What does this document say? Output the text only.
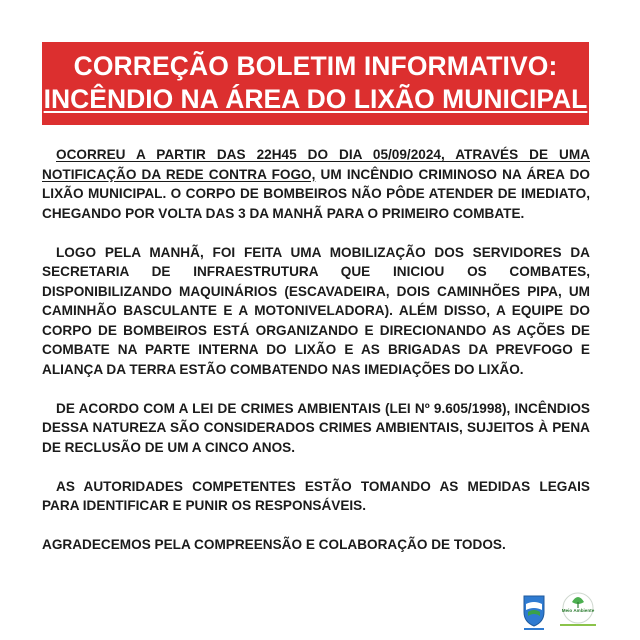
CORREÇÃO BOLETIM INFORMATIVO:
INCÊNDIO NA ÁREA DO LIXÃO MUNICIPAL

OCORREU A PARTIR DAS 22H45 DO DIA 05/09/2024, ATRAVÉS DE UMA NOTIFICAÇÃO DA REDE CONTRA FOGO, UM INCÊNDIO CRIMINOSO NA ÁREA DO LIXÃO MUNICIPAL. O CORPO DE BOMBEIROS NÃO PÔDE ATENDER DE IMEDIATO, CHEGANDO POR VOLTA DAS 3 DA MANHÃ PARA O PRIMEIRO COMBATE.

LOGO PELA MANHÃ, FOI FEITA UMA MOBILIZAÇÃO DOS SERVIDORES DA SECRETARIA DE INFRAESTRUTURA QUE INICIOU OS COMBATES, DISPONIBILIZANDO MAQUINÁRIOS (ESCAVADEIRA, DOIS CAMINHÕES PIPA, UM CAMINHÃO BASCULANTE E A MOTONIVELADORA). ALÉM DISSO, A EQUIPE DO CORPO DE BOMBEIROS ESTÁ ORGANIZANDO E DIRECIONANDO AS AÇÕES DE COMBATE NA PARTE INTERNA DO LIXÃO E AS BRIGADAS DA PREVFOGO E ALIANÇA DA TERRA ESTÃO COMBATENDO NAS IMEDIAÇÕES DO LIXÃO.

DE ACORDO COM A LEI DE CRIMES AMBIENTAIS (LEI Nº 9.605/1998), INCÊNDIOS DESSA NATUREZA SÃO CONSIDERADOS CRIMES AMBIENTAIS, SUJEITOS À PENA DE RECLUSÃO DE UM A CINCO ANOS.

AS AUTORIDADES COMPETENTES ESTÃO TOMANDO AS MEDIDAS LEGAIS PARA IDENTIFICAR E PUNIR OS RESPONSÁVEIS.

AGRADECEMOS PELA COMPREENSÃO E COLABORAÇÃO DE TODOS.

Meio Ambiente
